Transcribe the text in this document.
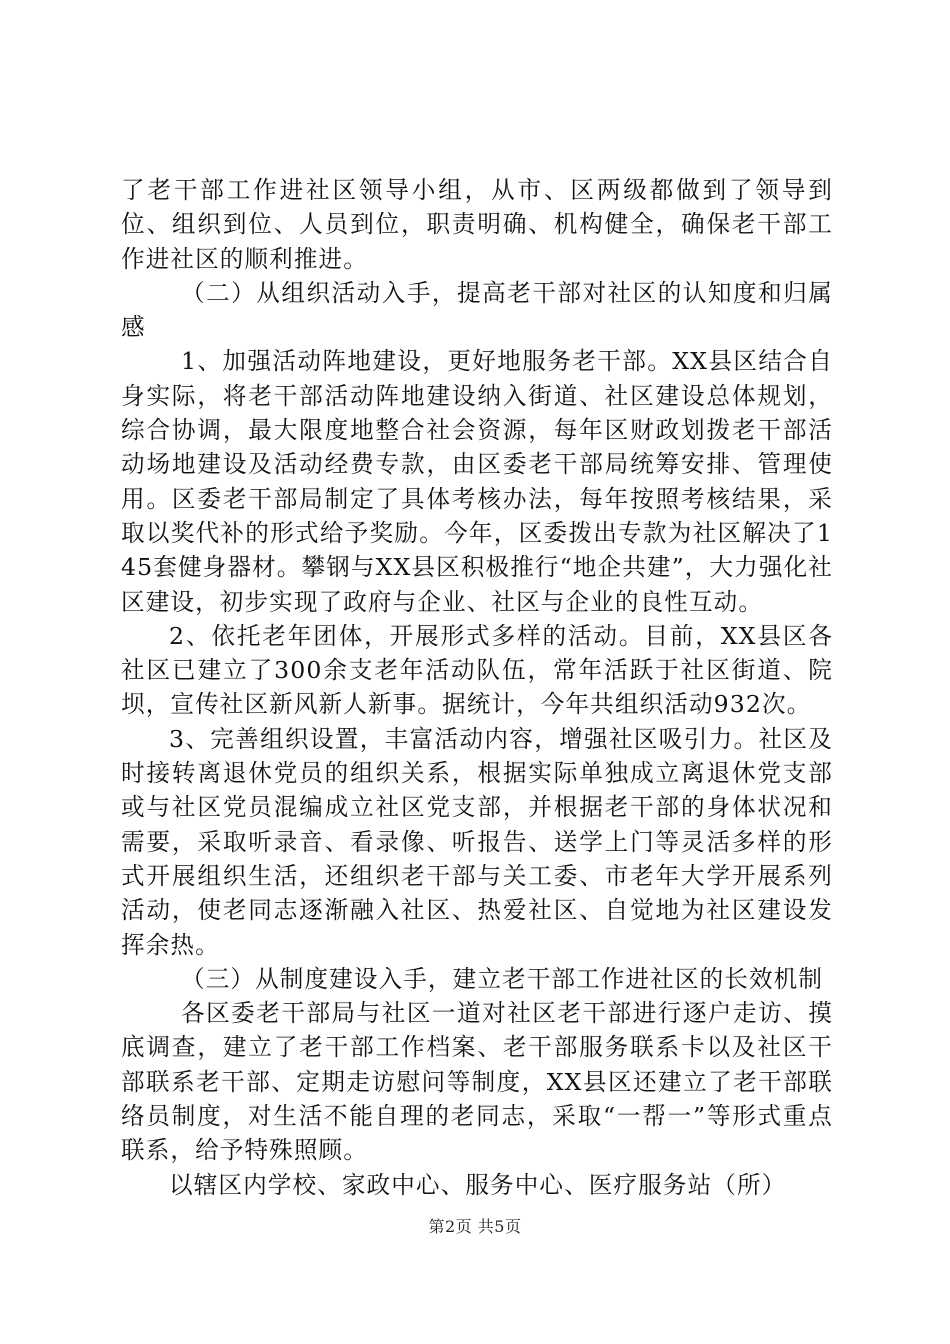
了老干部工作进社区领导小组，从市、区两级都做到了领导到位、组织到位、人员到位，职责明确、机构健全，确保老干部工作进社区的顺利推进。

（二）从组织活动入手，提高老干部对社区的认知度和归属感

1、加强活动阵地建设，更好地服务老干部。XX县区结合自身实际，将老干部活动阵地建设纳入街道、社区建设总体规划，综合协调，最大限度地整合社会资源，每年区财政划拨老干部活动场地建设及活动经费专款，由区委老干部局统筹安排、管理使用。区委老干部局制定了具体考核办法，每年按照考核结果，采取以奖代补的形式给予奖励。今年，区委拨出专款为社区解决了145套健身器材。攀钢与XX县区积极推行“地企共建”，大力强化社区建设，初步实现了政府与企业、社区与企业的良性互动。

2、依托老年团体，开展形式多样的活动。目前，XX县区各社区已建立了300余支老年活动队伍，常年活跃于社区街道、院坝，宣传社区新风新人新事。据统计，今年共组织活动932次。

3、完善组织设置，丰富活动内容，增强社区吸引力。社区及时接转离退休党员的组织关系，根据实际单独成立离退休党支部或与社区党员混编成立社区党支部，并根据老干部的身体状况和需要，采取听录音、看录像、听报告、送学上门等灵活多样的形式开展组织生活，还组织老干部与关工委、市老年大学开展系列活动，使老同志逐渐融入社区、热爱社区、自觉地为社区建设发挥余热。

（三）从制度建设入手，建立老干部工作进社区的长效机制

各区委老干部局与社区一道对社区老干部进行逐户走访、摸底调查，建立了老干部工作档案、老干部服务联系卡以及社区干部联系老干部、定期走访慰问等制度，XX县区还建立了老干部联络员制度，对生活不能自理的老同志，采取“一帮一”等形式重点联系，给予特殊照顾。

以辖区内学校、家政中心、服务中心、医疗服务站（所）

第2页 共5页
